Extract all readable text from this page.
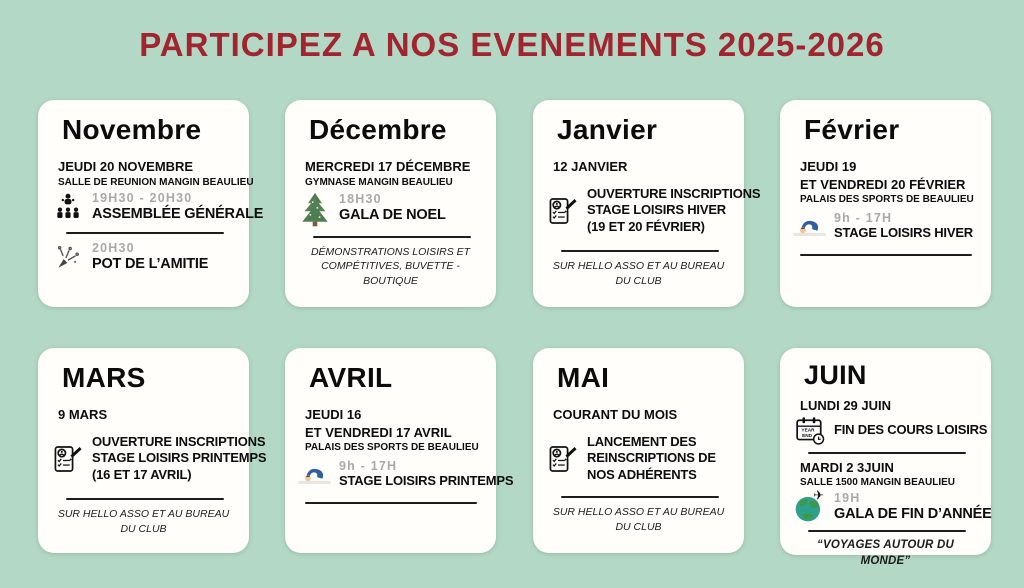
PARTICIPEZ A NOS EVENEMENTS 2025-2026
Novembre
JEUDI 20 NOVEMBRE
SALLE DE REUNION MANGIN BEAULIEU
19H30 - 20H30
ASSEMBLÉE GÉNÉRALE
20H30
POT DE L’AMITIE
Décembre
MERCREDI 17 DÉCEMBRE
GYMNASE MANGIN BEAULIEU
18H30
GALA DE NOEL
DÉMONSTRATIONS LOISIRS ET COMPÉTITIVES, BUVETTE - BOUTIQUE
Janvier
12 JANVIER
OUVERTURE INSCRIPTIONS
STAGE LOISIRS HIVER
(19 ET 20 FÉVRIER)
SUR HELLO ASSO ET AU BUREAU DU CLUB
Février
JEUDI 19
ET VENDREDI 20 FÉVRIER
PALAIS DES SPORTS DE BEAULIEU
9h - 17H
STAGE LOISIRS HIVER
MARS
9 MARS
OUVERTURE INSCRIPTIONS
STAGE LOISIRS PRINTEMPS
(16 ET 17 AVRIL)
SUR HELLO ASSO ET AU BUREAU DU CLUB
AVRIL
JEUDI 16
ET VENDREDI 17 AVRIL
PALAIS DES SPORTS DE BEAULIEU
9h - 17H
STAGE LOISIRS PRINTEMPS
MAI
COURANT DU MOIS
LANCEMENT DES
REINSCRIPTIONS DE
NOS ADHÉRENTS
SUR HELLO ASSO ET AU BUREAU DU CLUB
JUIN
LUNDI 29 JUIN
YEAR
END FIN DES COURS LOISIRS
MARDI 2 3JUIN
SALLE 1500 MANGIN BEAULIEU
✈ 19H
GALA DE FIN D’ANNÉE
“VOYAGES AUTOUR DU MONDE”
